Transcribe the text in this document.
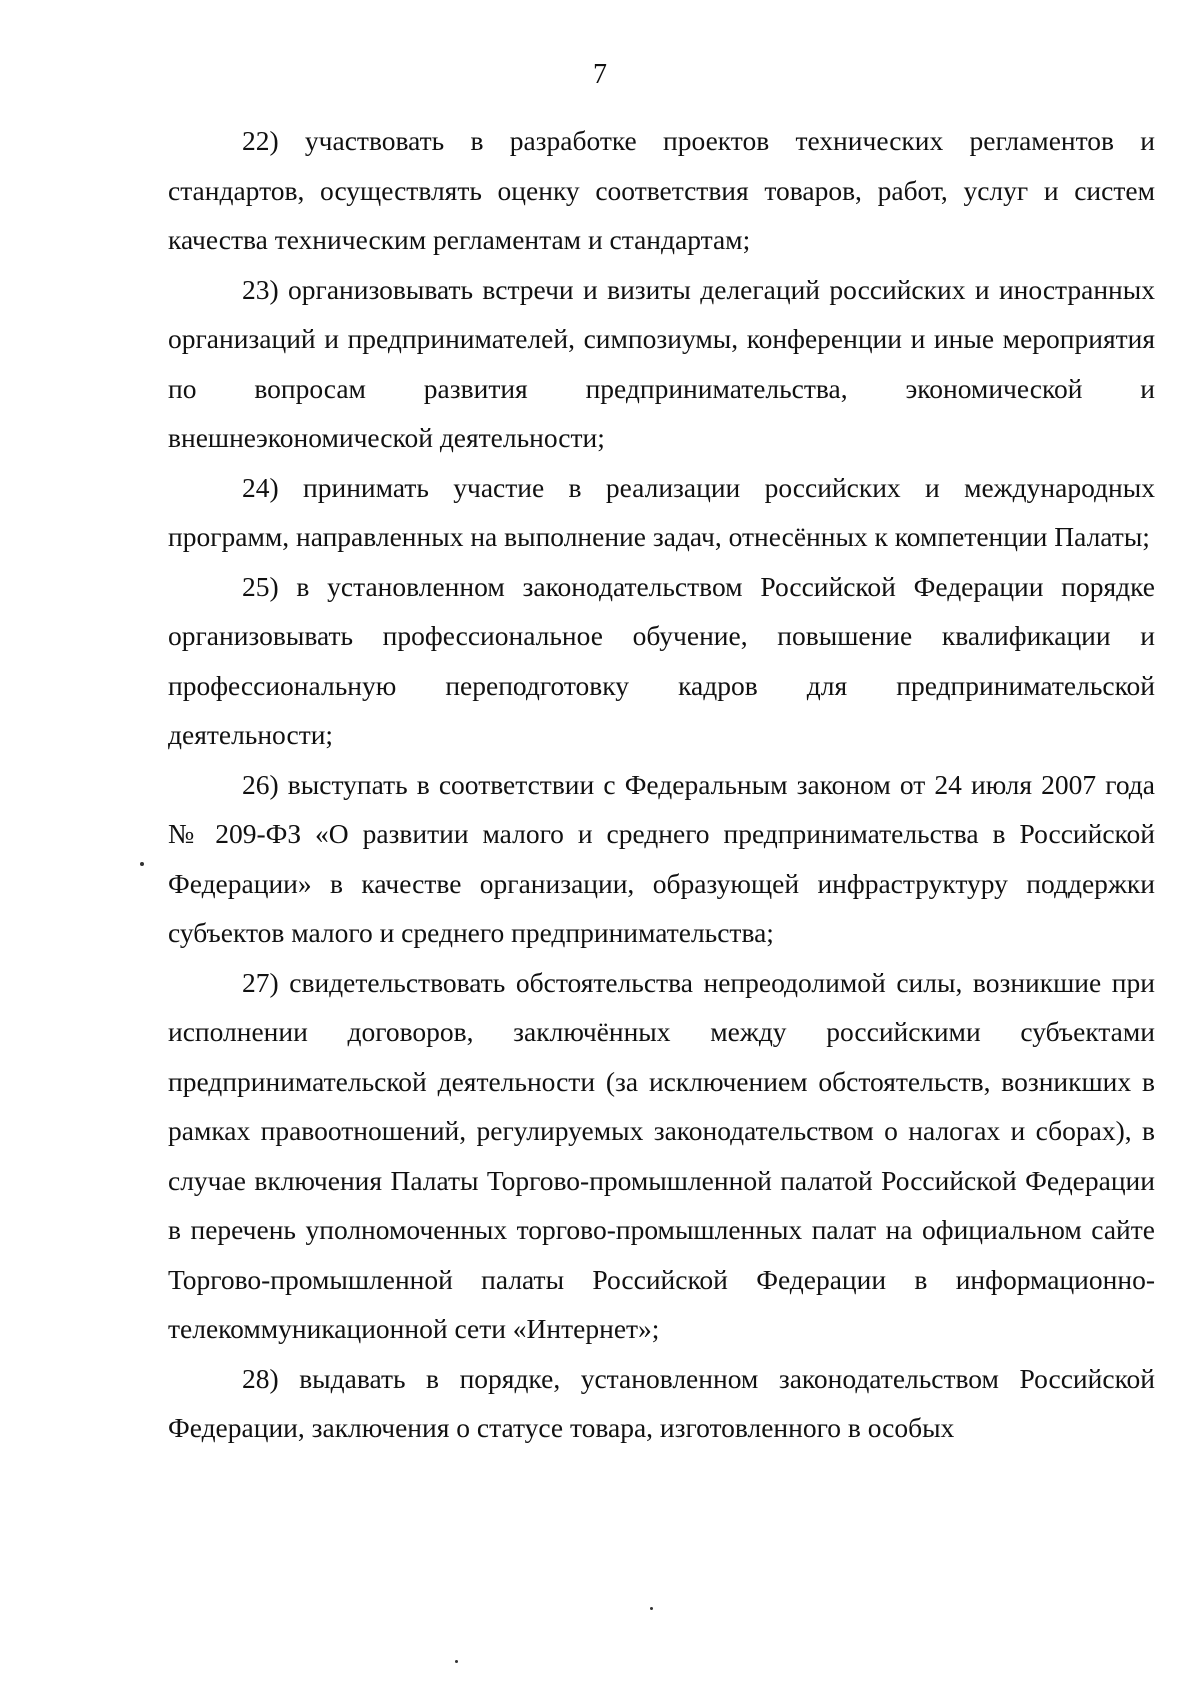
7

22) участвовать в разработке проектов технических регламентов и стандартов, осуществлять оценку соответствия товаров, работ, услуг и систем качества техническим регламентам и стандартам;

23) организовывать встречи и визиты делегаций российских и иностранных организаций и предпринимателей, симпозиумы, конференции и иные мероприятия по вопросам развития предпринимательства, экономической и внешнеэкономической деятельности;

24) принимать участие в реализации российских и международных программ, направленных на выполнение задач, отнесённых к компетенции Палаты;

25) в установленном законодательством Российской Федерации порядке организовывать профессиональное обучение, повышение квалификации и профессиональную переподготовку кадров для предпринимательской деятельности;

26) выступать в соответствии с Федеральным законом от 24 июля 2007 года № 209-ФЗ «О развитии малого и среднего предпринимательства в Российской Федерации» в качестве организации, образующей инфраструктуру поддержки субъектов малого и среднего предпринимательства;

27) свидетельствовать обстоятельства непреодолимой силы, возникшие при исполнении договоров, заключённых между российскими субъектами предпринимательской деятельности (за исключением обстоятельств, возникших в рамках правоотношений, регулируемых законодательством о налогах и сборах), в случае включения Палаты Торгово-промышленной палатой Российской Федерации в перечень уполномоченных торгово-промышленных палат на официальном сайте Торгово-промышленной палаты Российской Федерации в информационно-телекоммуникационной сети «Интернет»;

28) выдавать в порядке, установленном законодательством Российской Федерации, заключения о статусе товара, изготовленного в особых
